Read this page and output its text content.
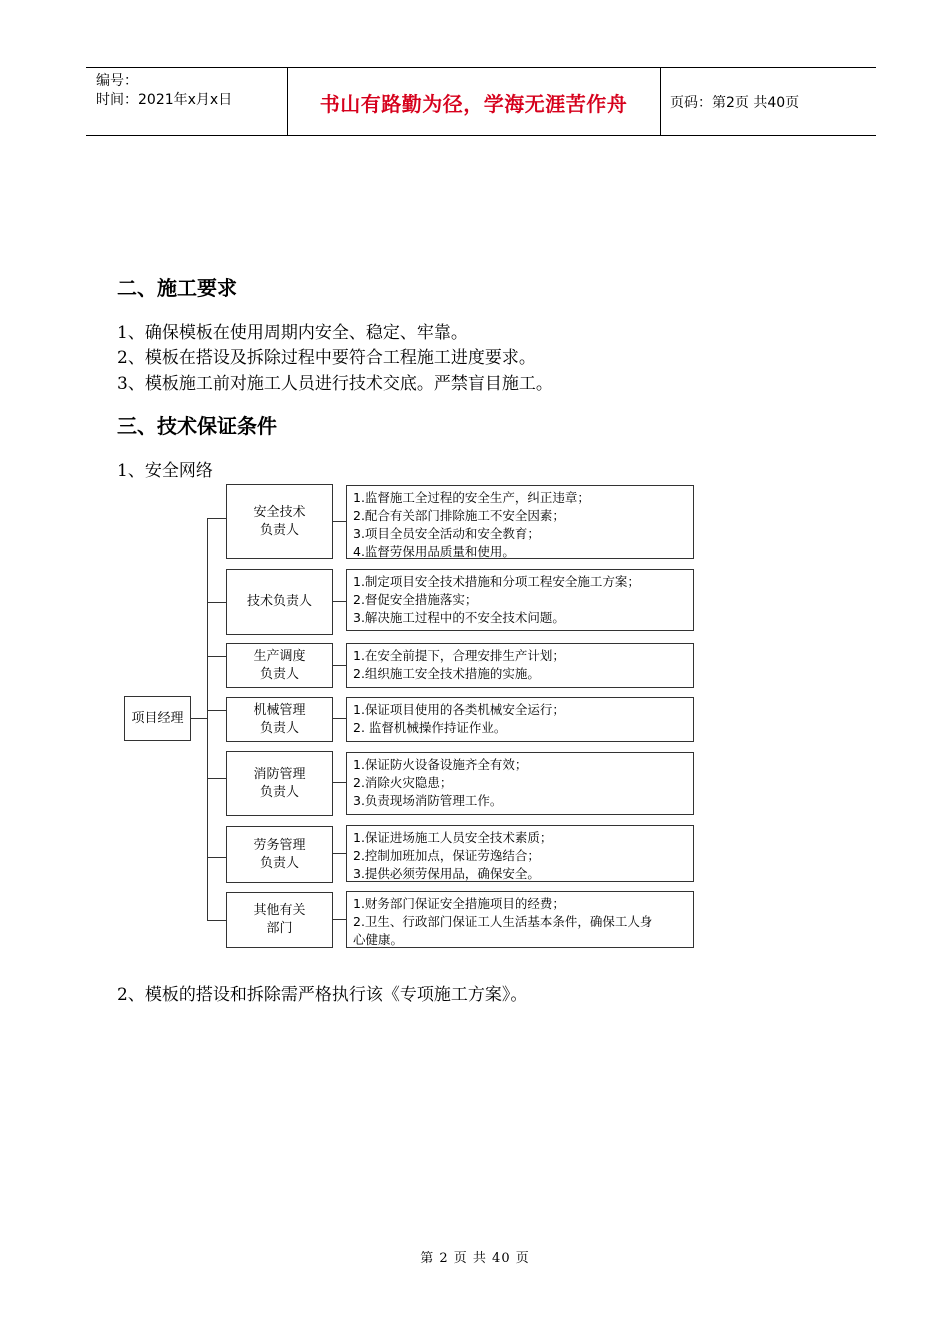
编号：
时间：2021年x月x日	书山有路勤为径，学海无涯苦作舟	页码：第2页 共40页
二、施工要求
1、确保模板在使用周期内安全、稳定、牢靠。
2、模板在搭设及拆除过程中要符合工程施工进度要求。
3、模板施工前对施工人员进行技术交底。严禁盲目施工。
三、技术保证条件
1、安全网络
项目经理
安全技术
负责人
1.监督施工全过程的安全生产，纠正违章；
2.配合有关部门排除施工不安全因素；
3.项目全员安全活动和安全教育；
4.监督劳保用品质量和使用。
技术负责人
1.制定项目安全技术措施和分项工程安全施工方案；
2.督促安全措施落实；
3.解决施工过程中的不安全技术问题。
生产调度
负责人
1.在安全前提下，合理安排生产计划；
2.组织施工安全技术措施的实施。
机械管理
负责人
1.保证项目使用的各类机械安全运行；
2. 监督机械操作持证作业。
消防管理
负责人
1.保证防火设备设施齐全有效；
2.消除火灾隐患；
3.负责现场消防管理工作。
劳务管理
负责人
1.保证进场施工人员安全技术素质；
2.控制加班加点，保证劳逸结合；
3.提供必须劳保用品，确保安全。
其他有关
部门
1.财务部门保证安全措施项目的经费；
2.卫生、行政部门保证工人生活基本条件，确保工人身
心健康。
2、模板的搭设和拆除需严格执行该《专项施工方案》。
第 2 页 共 40 页
